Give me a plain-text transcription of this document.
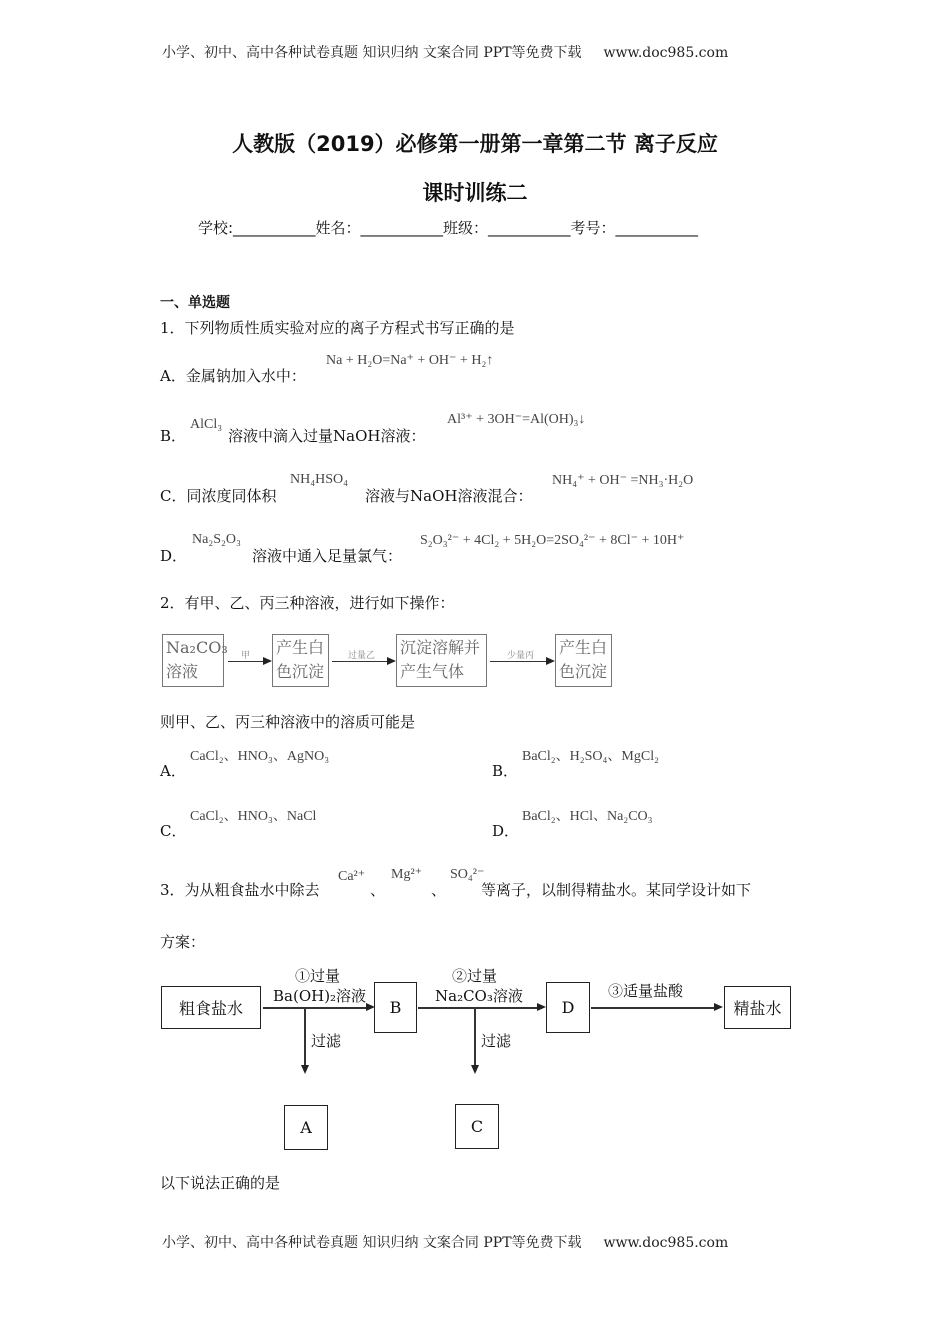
小学、初中、高中各种试卷真题 知识归纳 文案合同 PPT等免费下载 www.doc985.com
人教版（2019）必修第一册第一章第二节 离子反应
课时训练二
学校:___________姓名：___________班级：___________考号：___________
一、单选题
1．下列物质性质实验对应的离子方程式书写正确的是
A．金属钠加入水中：
Na + H₂O=Na⁺ + OH⁻ + H₂↑
B．
AlCl₃
溶液中滴入过量NaOH溶液：
Al³⁺ + 3OH⁻=Al(OH)₃↓
C．同浓度同体积
NH₄HSO₄
溶液与NaOH溶液混合：
NH₄⁺ + OH⁻ =NH₃·H₂O
D．
Na₂S₂O₃
溶液中通入足量氯气：
S₂O₃²⁻ + 4Cl₂ + 5H₂O=2SO₄²⁻ + 8Cl⁻ + 10H⁺
2．有甲、乙、丙三种溶液，进行如下操作：
Na₂CO₃
溶液
产生白
色沉淀
沉淀溶解并
产生气体
产生白
色沉淀
甲	过量乙	少量丙
则甲、乙、丙三种溶液中的溶质可能是
A．
CaCl₂、HNO₃、AgNO₃
B．
BaCl₂、H₂SO₄、MgCl₂
C．
CaCl₂、HNO₃、NaCl
D．
BaCl₂、HCl、Na₂CO₃
3．为从粗食盐水中除去
Ca²⁺
、
Mg²⁺
、
SO₄²⁻
等离子，以制得精盐水。某同学设计如下
方案：
粗食盐水
①过量
Ba(OH)₂溶液
B
②过量
Na₂CO₃溶液
D
③适量盐酸
精盐水
过滤	过滤
A	C
以下说法正确的是
小学、初中、高中各种试卷真题 知识归纳 文案合同 PPT等免费下载 www.doc985.com
